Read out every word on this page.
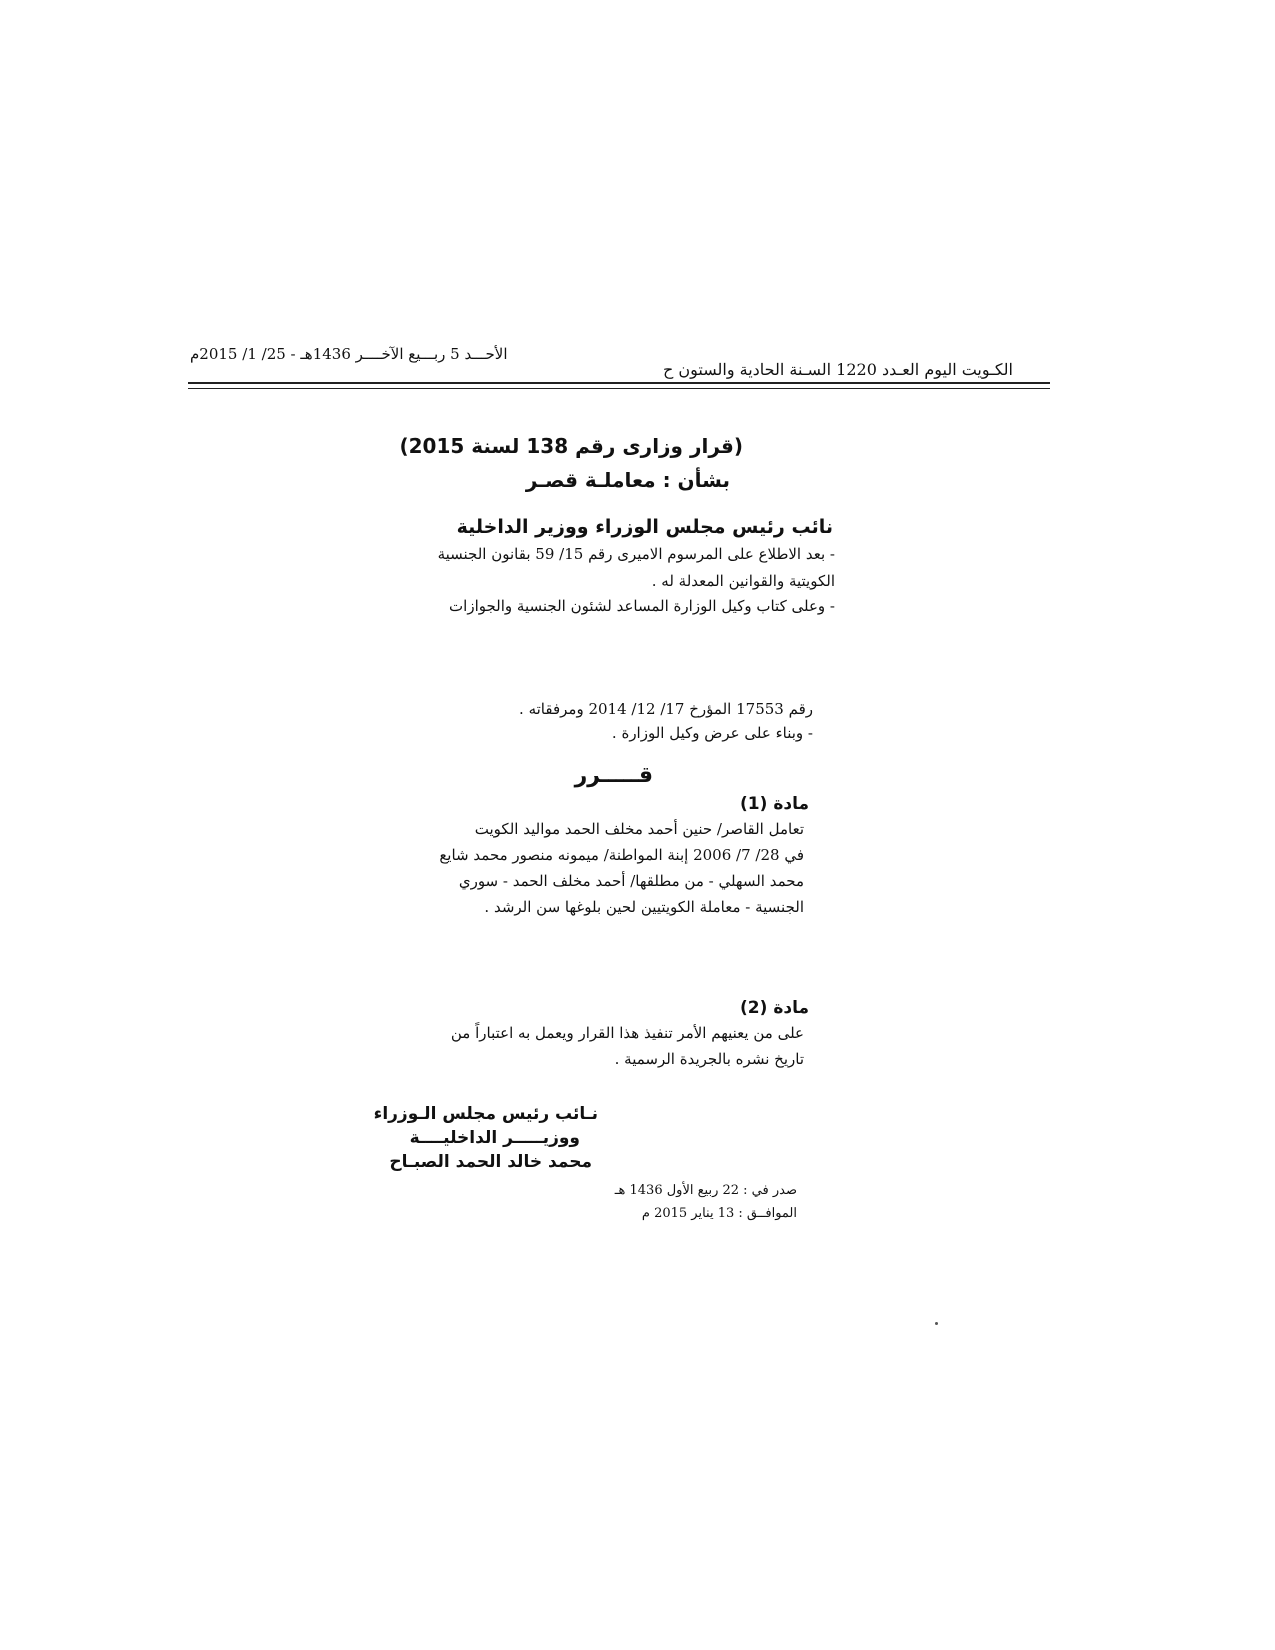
الأحـــد 5 ربـــيع الآخــــر 1436هـ - 25/ 1/ 2015م
الكـويت اليوم العـدد 1220 السـنة الحادية والستون ح
(قرار وزارى رقم 138 لسنة 2015)
بشأن : معاملـة قصـر
نائب رئيس مجلس الوزراء ووزير الداخلية
- بعد الاطلاع على المرسوم الاميرى رقم 15/ 59 بقانون الجنسية
الكويتية والقوانين المعدلة له .
- وعلى كتاب وكيل الوزارة المساعد لشئون الجنسية والجوازات
رقم 17553 المؤرخ 17/ 12/ 2014 ومرفقاته .
- وبناء على عرض وكيل الوزارة .
قـــــرر
مادة (1)
تعامل القاصر/ حنين أحمد مخلف الحمد مواليد الكويت
في 28/ 7/ 2006 إبنة المواطنة/ ميمونه منصور محمد شايع
محمد السهلي - من مطلقها/ أحمد مخلف الحمد - سوري
الجنسية - معاملة الكويتيين لحين بلوغها سن الرشد .
مادة (2)
على من يعنيهم الأمر تنفيذ هذا القرار ويعمل به اعتباراً من
تاريخ نشره بالجريدة الرسمية .
نـائب رئيس مجلس الـوزراء
ووزيـــــر الداخليــــة
محمد خالد الحمد الصبـاح
صدر في : 22 ربيع الأول 1436 هـ
الموافــق : 13 يناير 2015 م
